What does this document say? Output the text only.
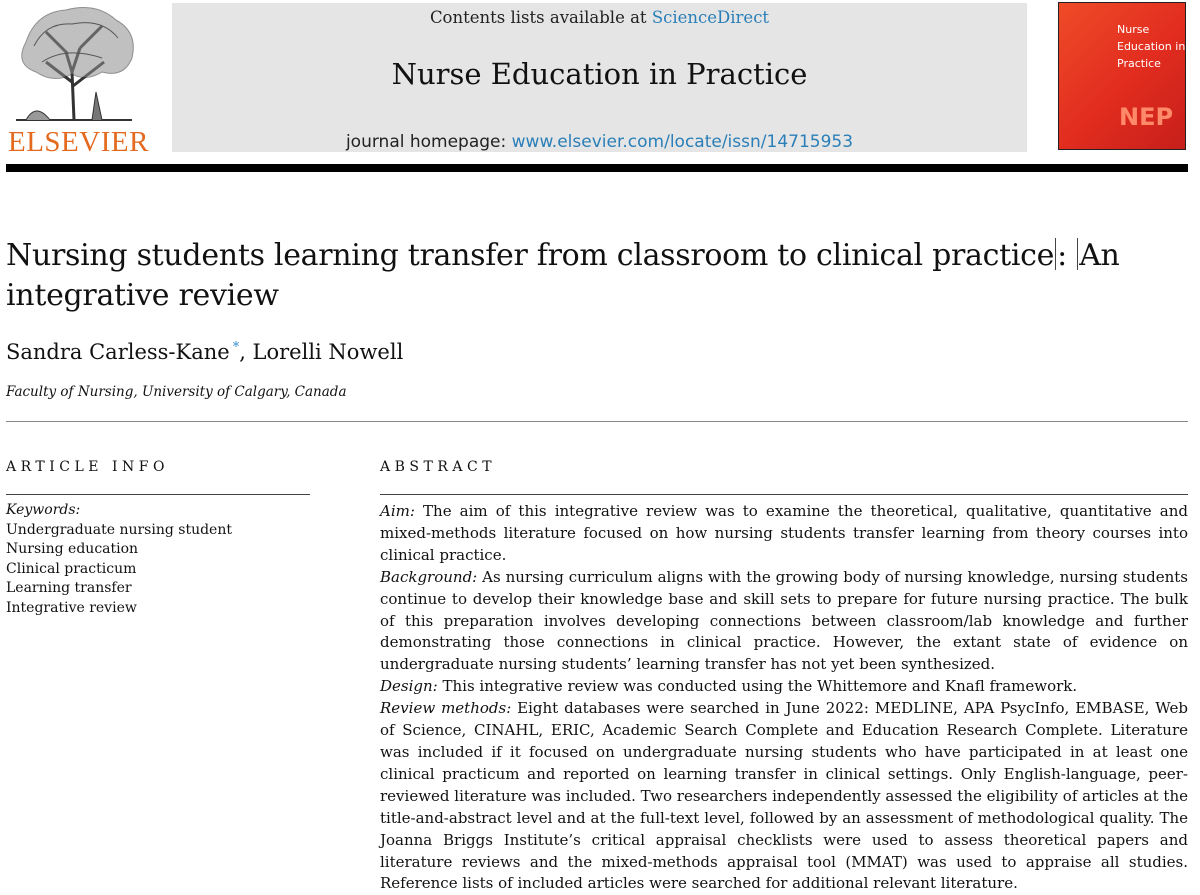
ELSEVIER
Contents lists available at ScienceDirect
Nurse Education in Practice
journal homepage: www.elsevier.com/locate/issn/14715953
Nurse Education in Practice
NEP
Nursing students learning transfer from classroom to clinical practice : An integrative review
Sandra Carless-Kane *, Lorelli Nowell
Faculty of Nursing, University of Calgary, Canada
ARTICLE INFO
Keywords:
Undergraduate nursing student
Nursing education
Clinical practicum
Learning transfer
Integrative review
ABSTRACT

Aim: The aim of this integrative review was to examine the theoretical, qualitative, quantitative and mixed-methods literature focused on how nursing students transfer learning from theory courses into clinical practice.

Background: As nursing curriculum aligns with the growing body of nursing knowledge, nursing students continue to develop their knowledge base and skill sets to prepare for future nursing practice. The bulk of this preparation involves developing connections between classroom/lab knowledge and further demonstrating those connections in clinical practice. However, the extant state of evidence on undergraduate nursing students’ learning transfer has not yet been synthesized.

Design: This integrative review was conducted using the Whittemore and Knafl framework.

Review methods: Eight databases were searched in June 2022: MEDLINE, APA PsycInfo, EMBASE, Web of Science, CINAHL, ERIC, Academic Search Complete and Education Research Complete. Literature was included if it focused on undergraduate nursing students who have participated in at least one clinical practicum and reported on learning transfer in clinical settings. Only English-language, peer-reviewed literature was included. Two researchers independently assessed the eligibility of articles at the title-and-abstract level and at the full-text level, followed by an assessment of methodological quality. The Joanna Briggs Institute’s critical appraisal checklists were used to assess theoretical papers and literature reviews and the mixed-methods appraisal tool (MMAT) was used to appraise all studies. Reference lists of included articles were searched for additional relevant literature.
